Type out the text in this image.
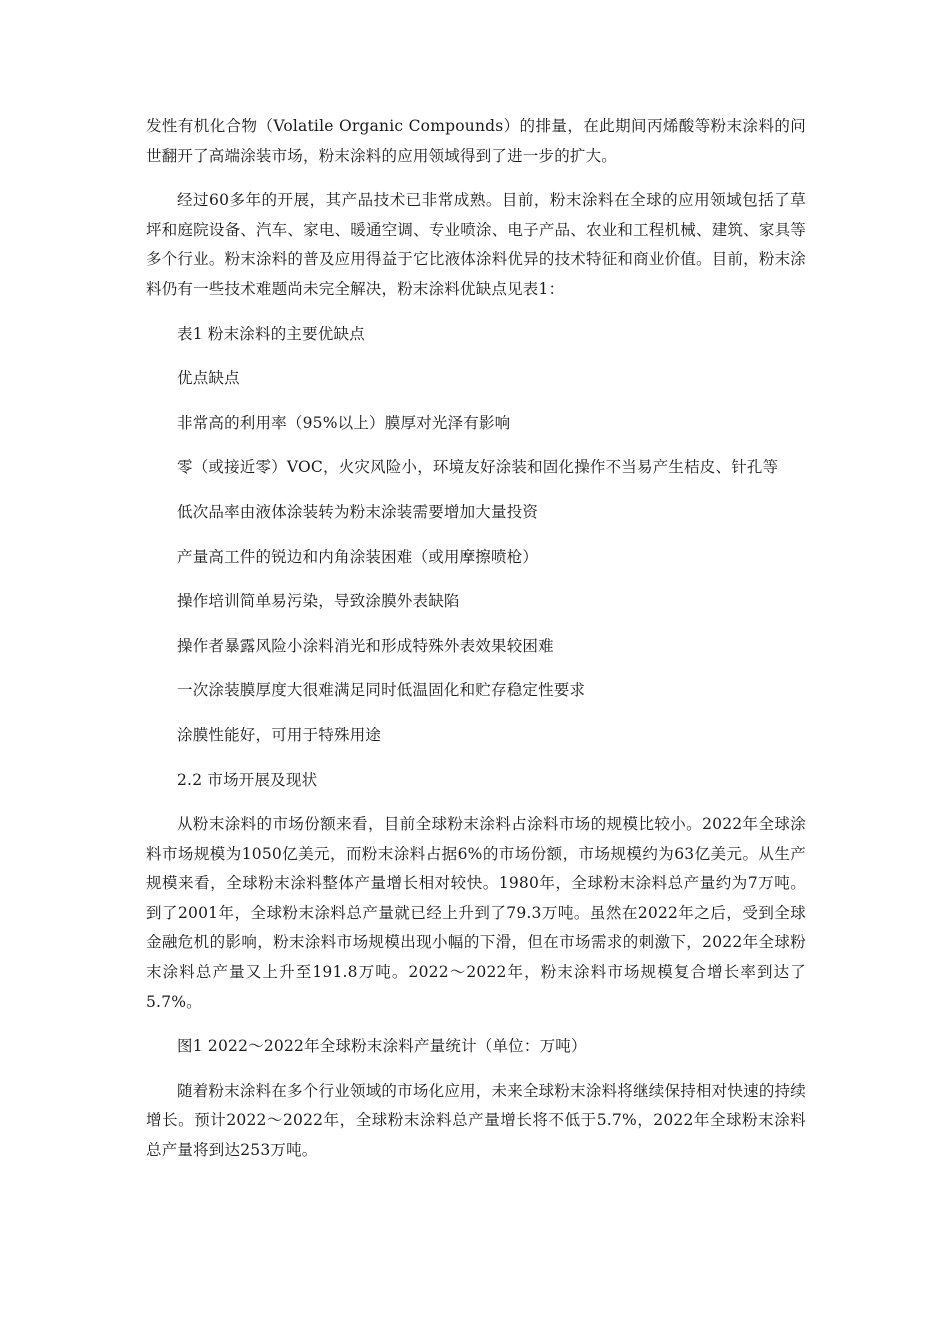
发性有机化合物（Volatile Organic Compounds）的排量，在此期间丙烯酸等粉末涂料的问世翻开了高端涂装市场，粉末涂料的应用领域得到了进一步的扩大。

经过60多年的开展，其产品技术已非常成熟。目前，粉末涂料在全球的应用领域包括了草坪和庭院设备、汽车、家电、暖通空调、专业喷涂、电子产品、农业和工程机械、建筑、家具等多个行业。粉末涂料的普及应用得益于它比液体涂料优异的技术特征和商业价值。目前，粉末涂料仍有一些技术难题尚未完全解决，粉末涂料优缺点见表1：

表1 粉末涂料的主要优缺点

优点缺点

非常高的利用率（95%以上）膜厚对光泽有影响

零（或接近零）VOC，火灾风险小，环境友好涂装和固化操作不当易产生桔皮、针孔等

低次品率由液体涂装转为粉末涂装需要增加大量投资

产量高工件的锐边和内角涂装困难（或用摩擦喷枪）

操作培训简单易污染，导致涂膜外表缺陷

操作者暴露风险小涂料消光和形成特殊外表效果较困难

一次涂装膜厚度大很难满足同时低温固化和贮存稳定性要求

涂膜性能好，可用于特殊用途

2.2 市场开展及现状

从粉末涂料的市场份额来看，目前全球粉末涂料占涂料市场的规模比较小。2022年全球涂料市场规模为1050亿美元，而粉末涂料占据6%的市场份额，市场规模约为63亿美元。从生产规模来看，全球粉末涂料整体产量增长相对较快。1980年，全球粉末涂料总产量约为7万吨。到了2001年，全球粉末涂料总产量就已经上升到了79.3万吨。虽然在2022年之后，受到全球金融危机的影响，粉末涂料市场规模出现小幅的下滑，但在市场需求的刺激下，2022年全球粉末涂料总产量又上升至191.8万吨。2022～2022年，粉末涂料市场规模复合增长率到达了5.7%。

图1 2022～2022年全球粉末涂料产量统计（单位：万吨）

随着粉末涂料在多个行业领域的市场化应用，未来全球粉末涂料将继续保持相对快速的持续增长。预计2022～2022年，全球粉末涂料总产量增长将不低于5.7%，2022年全球粉末涂料总产量将到达253万吨。
